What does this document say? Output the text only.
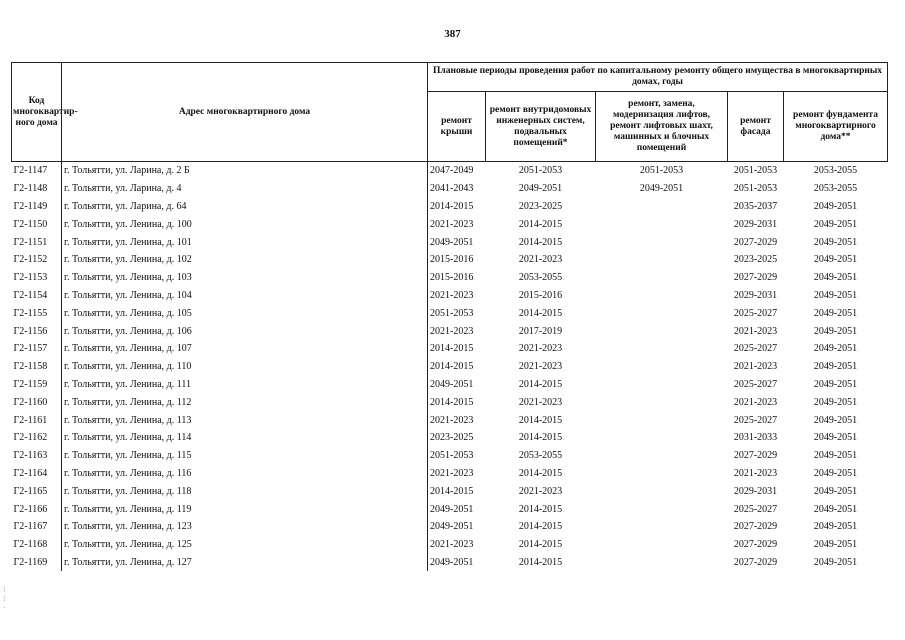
387
Код многоквартир-ного дома	Адрес многоквартирного дома	Плановые периоды проведения работ по капитальному ремонту общего имущества в многоквартирных домах, годы				
		ремонт крыши	ремонт внутридомовых инженерных систем, подвальных помещений*	ремонт, замена, модернизация лифтов, ремонт лифтовых шахт, машинных и блочных помещений	ремонт фасада	ремонт фундамента многоквартирного дома**
Г2-1147	г. Тольятти, ул. Ларина, д. 2 Б	2047-2049	2051-2053	2051-2053	2051-2053	2053-2055
Г2-1148	г. Тольятти, ул. Ларина, д. 4	2041-2043	2049-2051	2049-2051	2051-2053	2053-2055
Г2-1149	г. Тольятти, ул. Ларина, д. 64	2014-2015	2023-2025		2035-2037	2049-2051
Г2-1150	г. Тольятти, ул. Ленина, д. 100	2021-2023	2014-2015		2029-2031	2049-2051
Г2-1151	г. Тольятти, ул. Ленина, д. 101	2049-2051	2014-2015		2027-2029	2049-2051
Г2-1152	г. Тольятти, ул. Ленина, д. 102	2015-2016	2021-2023		2023-2025	2049-2051
Г2-1153	г. Тольятти, ул. Ленина, д. 103	2015-2016	2053-2055		2027-2029	2049-2051
Г2-1154	г. Тольятти, ул. Ленина, д. 104	2021-2023	2015-2016		2029-2031	2049-2051
Г2-1155	г. Тольятти, ул. Ленина, д. 105	2051-2053	2014-2015		2025-2027	2049-2051
Г2-1156	г. Тольятти, ул. Ленина, д. 106	2021-2023	2017-2019		2021-2023	2049-2051
Г2-1157	г. Тольятти, ул. Ленина, д. 107	2014-2015	2021-2023		2025-2027	2049-2051
Г2-1158	г. Тольятти, ул. Ленина, д. 110	2014-2015	2021-2023		2021-2023	2049-2051
Г2-1159	г. Тольятти, ул. Ленина, д. 111	2049-2051	2014-2015		2025-2027	2049-2051
Г2-1160	г. Тольятти, ул. Ленина, д. 112	2014-2015	2021-2023		2021-2023	2049-2051
Г2-1161	г. Тольятти, ул. Ленина, д. 113	2021-2023	2014-2015		2025-2027	2049-2051
Г2-1162	г. Тольятти, ул. Ленина, д. 114	2023-2025	2014-2015		2031-2033	2049-2051
Г2-1163	г. Тольятти, ул. Ленина, д. 115	2051-2053	2053-2055		2027-2029	2049-2051
Г2-1164	г. Тольятти, ул. Ленина, д. 116	2021-2023	2014-2015		2021-2023	2049-2051
Г2-1165	г. Тольятти, ул. Ленина, д. 118	2014-2015	2021-2023		2029-2031	2049-2051
Г2-1166	г. Тольятти, ул. Ленина, д. 119	2049-2051	2014-2015		2025-2027	2049-2051
Г2-1167	г. Тольятти, ул. Ленина, д. 123	2049-2051	2014-2015		2027-2029	2049-2051
Г2-1168	г. Тольятти, ул. Ленина, д. 125	2021-2023	2014-2015		2027-2029	2049-2051
Г2-1169	г. Тольятти, ул. Ленина, д. 127	2049-2051	2014-2015		2027-2029	2049-2051
⁝
⁝
·
